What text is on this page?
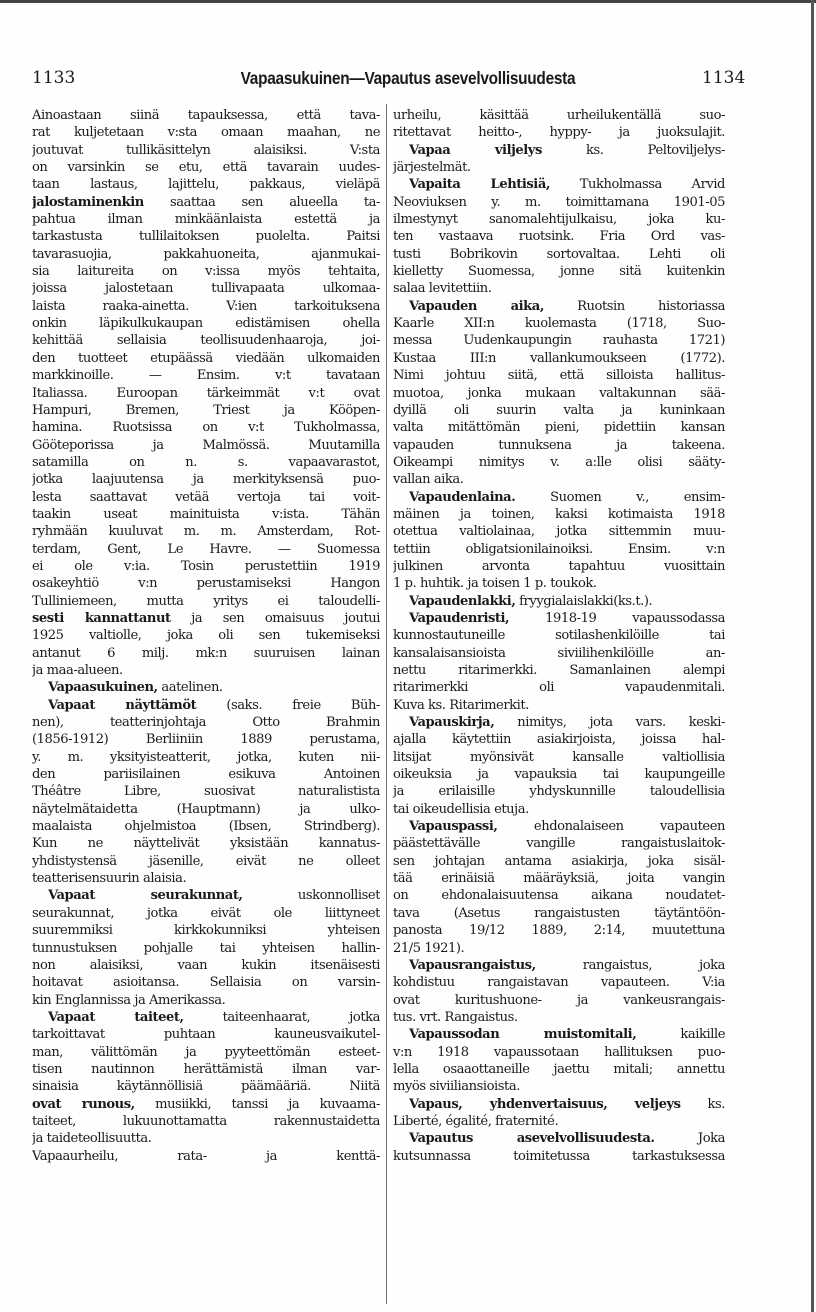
1133	Vapaasukuinen—Vapautus asevelvollisuudesta	1134
Ainoastaan siinä tapauksessa, että tava-
rat kuljetetaan v:sta omaan maahan, ne
joutuvat tullikäsittelyn alaisiksi. V:sta
on varsinkin se etu, että tavarain uudes-
taan lastaus, lajittelu, pakkaus, vieläpä
jalostaminenkin saattaa sen alueella ta-
pahtua ilman minkäänlaista estettä ja
tarkastusta tullilaitoksen puolelta. Paitsi
tavarasuojia, pakkahuoneita, ajanmukai-
sia laitureita on v:issa myös tehtaita,
joissa jalostetaan tullivapaata ulkomaa-
laista raaka-ainetta. V:ien tarkoituksena
onkin läpikulkukaupan edistämisen ohella
kehittää sellaisia teollisuudenhaaroja, joi-
den tuotteet etupäässä viedään ulkomaiden
markkinoille. — Ensim. v:t tavataan
Italiassa. Euroopan tärkeimmät v:t ovat
Hampuri, Bremen, Triest ja Kööpen-
hamina. Ruotsissa on v:t Tukholmassa,
Gööteporissa ja Malmössä. Muutamilla
satamilla on n. s. vapaavarastot,
jotka laajuutensa ja merkityksensä puo-
lesta saattavat vetää vertoja tai voit-
taakin useat mainituista v:ista. Tähän
ryhmään kuuluvat m. m. Amsterdam, Rot-
terdam, Gent, Le Havre. — Suomessa
ei ole v:ia. Tosin perustettiin 1919
osakeyhtiö v:n perustamiseksi Hangon
Tulliniemeen, mutta yritys ei taloudelli-
sesti kannattanut ja sen omaisuus joutui
1925 valtiolle, joka oli sen tukemiseksi
antanut 6 milj. mk:n suuruisen lainan
ja maa-alueen.
Vapaasukuinen, aatelinen.
Vapaat näyttämöt (saks. freie Büh-
nen), teatterinjohtaja Otto Brahmin
(1856-1912) Berliiniin 1889 perustama,
y. m. yksityisteatterit, jotka, kuten nii-
den pariisilainen esikuva Antoinen
Théâtre Libre, suosivat naturalistista
näytelmätaidetta (Hauptmann) ja ulko-
maalaista ohjelmistoa (Ibsen, Strindberg).
Kun ne näyttelivät yksistään kannatus-
yhdistystensä jäsenille, eivät ne olleet
teatterisensuurin alaisia.
Vapaat seurakunnat, uskonnolliset
seurakunnat, jotka eivät ole liittyneet
suuremmiksi kirkkokunniksi yhteisen
tunnustuksen pohjalle tai yhteisen hallin-
non alaisiksi, vaan kukin itsenäisesti
hoitavat asioitansa. Sellaisia on varsin-
kin Englannissa ja Amerikassa.
Vapaat taiteet, taiteenhaarat, jotka
tarkoittavat puhtaan kauneusvaikutel-
man, välittömän ja pyyteettömän esteet-
tisen nautinnon herättämistä ilman var-
sinaisia käytännöllisiä päämääriä. Niitä
ovat runous, musiikki, tanssi ja kuvaama-
taiteet, lukuunottamatta rakennustaidetta
ja taideteollisuutta.
Vapaaurheilu, rata- ja kenttä-
urheilu, käsittää urheilukentällä suo-
ritettavat heitto-, hyppy- ja juoksulajit.
Vapaa viljelys ks. Peltoviljelys-
järjestelmät.
Vapaita Lehtisiä, Tukholmassa Arvid
Neoviuksen y. m. toimittamana 1901-05
ilmestynyt sanomalehtijulkaisu, joka ku-
ten vastaava ruotsink. Fria Ord vas-
tusti Bobrikovin sortovaltaa. Lehti oli
kielletty Suomessa, jonne sitä kuitenkin
salaa levitettiin.
Vapauden aika, Ruotsin historiassa
Kaarle XII:n kuolemasta (1718, Suo-
messa Uudenkaupungin rauhasta 1721)
Kustaa III:n vallankumoukseen (1772).
Nimi johtuu siitä, että silloista hallitus-
muotoa, jonka mukaan valtakunnan sää-
dyillä oli suurin valta ja kuninkaan
valta mitättömän pieni, pidettiin kansan
vapauden tunnuksena ja takeena.
Oikeampi nimitys v. a:lle olisi sääty-
vallan aika.
Vapaudenlaina. Suomen v., ensim-
mäinen ja toinen, kaksi kotimaista 1918
otettua valtiolainaa, jotka sittemmin muu-
tettiin obligatsionilainoiksi. Ensim. v:n
julkinen arvonta tapahtuu vuosittain
1 p. huhtik. ja toisen 1 p. toukok.
Vapaudenlakki, fryygialaislakki(ks.t.).
Vapaudenristi, 1918-19 vapaussodassa
kunnostautuneille sotilashenkilöille tai
kansalaisansioista siviilihenkilöille an-
nettu ritarimerkki. Samanlainen alempi
ritarimerkki oli vapaudenmitali.
Kuva ks. Ritarimerkit.
Vapauskirja, nimitys, jota vars. keski-
ajalla käytettiin asiakirjoista, joissa hal-
litsijat myönsivät kansalle valtiollisia
oikeuksia ja vapauksia tai kaupungeille
ja erilaisille yhdyskunnille taloudellisia
tai oikeudellisia etuja.
Vapauspassi, ehdonalaiseen vapauteen
päästettävälle vangille rangaistuslaitok-
sen johtajan antama asiakirja, joka sisäl-
tää erinäisiä määräyksiä, joita vangin
on ehdonalaisuutensa aikana noudatet-
tava (Asetus rangaistusten täytäntöön-
panosta 19/12 1889, 2:14, muutettuna
21/5 1921).
Vapausrangaistus, rangaistus, joka
kohdistuu rangaistavan vapauteen. V:ia
ovat kuritushuone- ja vankeusrangais-
tus. vrt. Rangaistus.
Vapaussodan muistomitali, kaikille
v:n 1918 vapaussotaan hallituksen puo-
lella osaaottaneille jaettu mitali; annettu
myös siviiliansioista.
Vapaus, yhdenvertaisuus, veljeys ks.
Liberté, égalité, fraternité.
Vapautus asevelvollisuudesta. Joka
kutsunnassa toimitetussa tarkastuksessa
